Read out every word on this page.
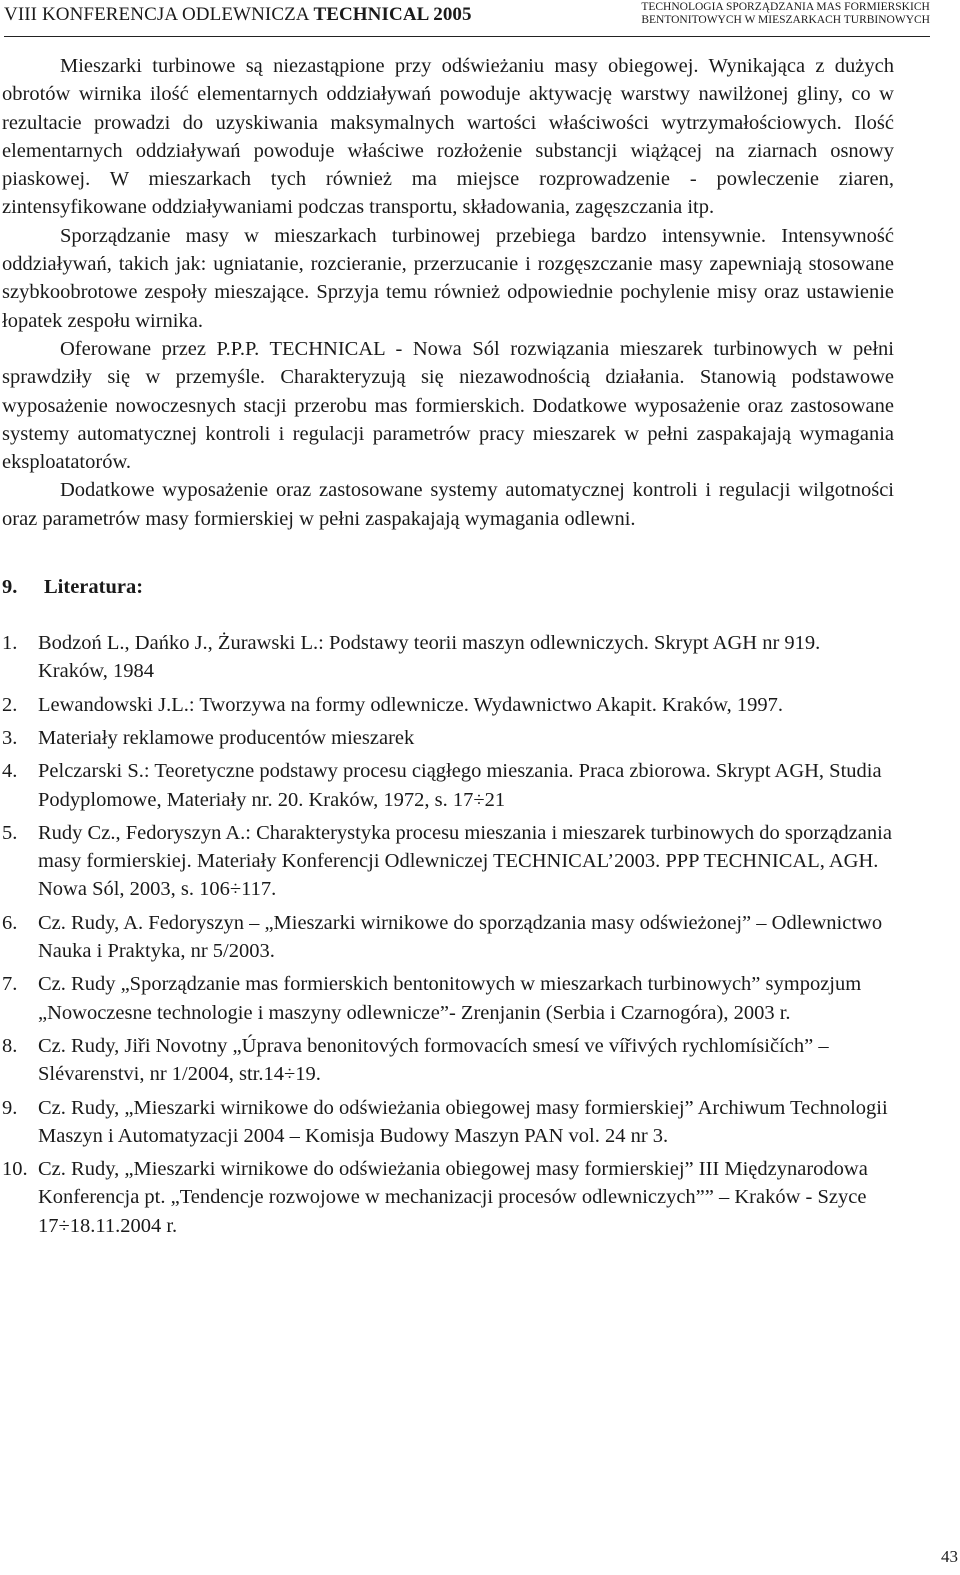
VIII KONFERENCJA ODLEWNICZA TECHNICAL 2005	TECHNOLOGIA SPORZĄDZANIA MAS FORMIERSKICH
BENTONITOWYCH W MIESZARKACH TURBINOWYCH

Mieszarki turbinowe są niezastąpione przy odświeżaniu masy obiegowej. Wynikająca z dużych obrotów wirnika ilość elementarnych oddziaływań powoduje aktywację warstwy nawilżonej gliny, co w rezultacie prowadzi do uzyskiwania maksymalnych wartości właściwości wytrzymałościowych. Ilość elementarnych oddziaływań powoduje właściwe rozłożenie substancji wiążącej na ziarnach osnowy piaskowej. W mieszarkach tych również ma miejsce rozprowadzenie - powleczenie ziaren, zintensyfikowane oddziaływaniami podczas transportu, składowania, zagęszczania itp.

Sporządzanie masy w mieszarkach turbinowej przebiega bardzo intensywnie. Intensywność oddziaływań, takich jak: ugniatanie, rozcieranie, przerzucanie i rozgęszczanie masy zapewniają stosowane szybkoobrotowe zespoły mieszające. Sprzyja temu również odpowiednie pochylenie misy oraz ustawienie łopatek zespołu wirnika.

Oferowane przez P.P.P. TECHNICAL - Nowa Sól rozwiązania mieszarek turbinowych w pełni sprawdziły się w przemyśle. Charakteryzują się niezawodnością działania. Stanowią podstawowe wyposażenie nowoczesnych stacji przerobu mas formierskich. Dodatkowe wyposażenie oraz zastosowane systemy automatycznej kontroli i regulacji parametrów pracy mieszarek w pełni zaspakajają wymagania eksploatatorów.

Dodatkowe wyposażenie oraz zastosowane systemy automatycznej kontroli i regulacji wilgotności oraz parametrów masy formierskiej w pełni zaspakajają wymagania odlewni.

9. Literatura:
1. Bodzoń L., Dańko J., Żurawski L.: Podstawy teorii maszyn odlewniczych. Skrypt AGH nr 919. Kraków, 1984
2. Lewandowski J.L.: Tworzywa na formy odlewnicze. Wydawnictwo Akapit. Kraków, 1997.
3. Materiały reklamowe producentów mieszarek
4. Pelczarski S.: Teoretyczne podstawy procesu ciągłego mieszania. Praca zbiorowa. Skrypt AGH, Studia Podyplomowe, Materiały nr. 20. Kraków, 1972, s. 17÷21
5. Rudy Cz., Fedoryszyn A.: Charakterystyka procesu mieszania i mieszarek turbinowych do sporządzania masy formierskiej. Materiały Konferencji Odlewniczej TECHNICAL’2003. PPP TECHNICAL, AGH. Nowa Sól, 2003, s. 106÷117.
6. Cz. Rudy, A. Fedoryszyn – „Mieszarki wirnikowe do sporządzania masy odświeżonej” – Odlewnictwo Nauka i Praktyka, nr 5/2003.
7. Cz. Rudy „Sporządzanie mas formierskich bentonitowych w mieszarkach turbinowych” sympozjum „Nowoczesne technologie i maszyny odlewnicze”- Zrenjanin (Serbia i Czarnogóra), 2003 r.
8. Cz. Rudy, Jiři Novotny „Úprava benonitových formovacích smesí ve vířivých rychlomísičích” – Slévarenstvi, nr 1/2004, str.14÷19.
9. Cz. Rudy, „Mieszarki wirnikowe do odświeżania obiegowej masy formierskiej” Archiwum Technologii Maszyn i Automatyzacji 2004 – Komisja Budowy Maszyn PAN vol. 24 nr 3.
10. Cz. Rudy, „Mieszarki wirnikowe do odświeżania obiegowej masy formierskiej” III Międzynarodowa Konferencja pt. „Tendencje rozwojowe w mechanizacji procesów odlewniczych”” – Kraków - Szyce 17÷18.11.2004 r.
43
